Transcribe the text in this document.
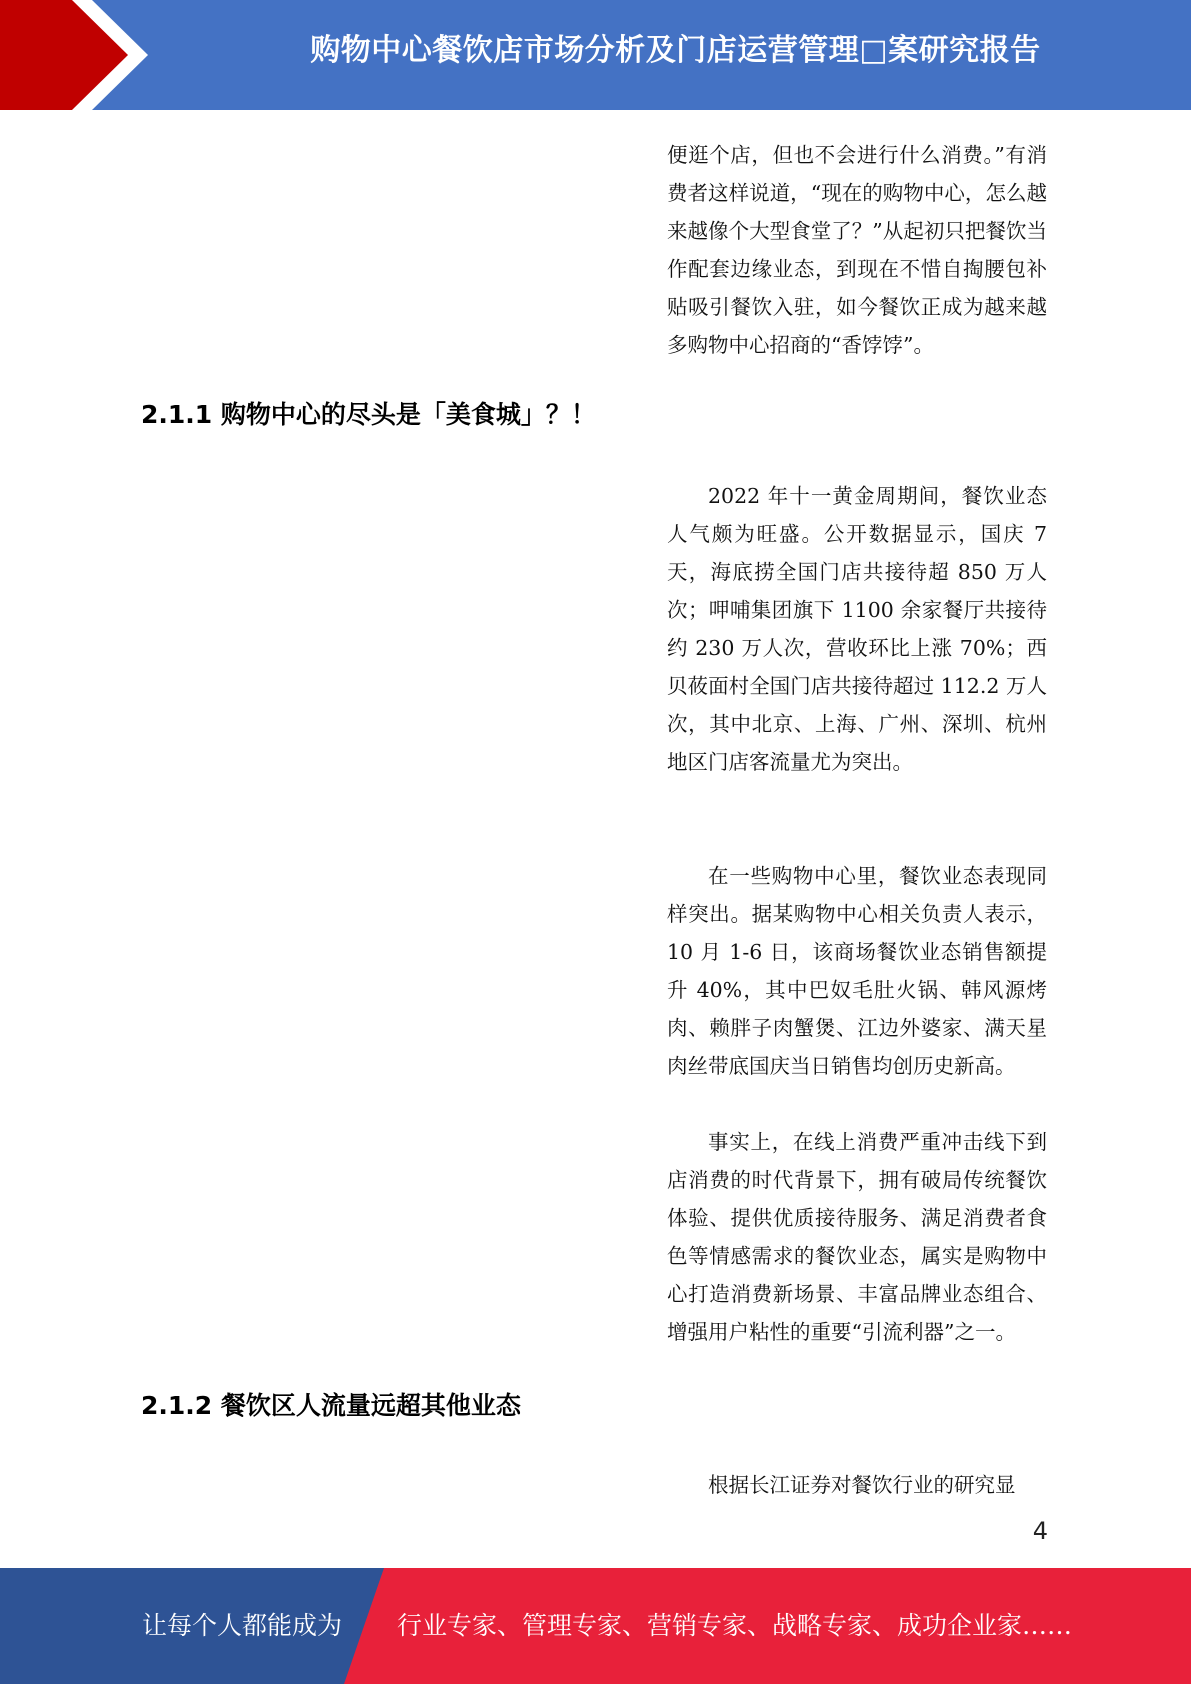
购物中心餐饮店市场分析及门店运营管理□案研究报告

便逛个店，但也不会进行什么消费。”有消费者这样说道，“现在的购物中心，怎么越来越像个大型食堂了？”从起初只把餐饮当作配套边缘业态，到现在不惜自掏腰包补贴吸引餐饮入驻，如今餐饮正成为越来越多购物中心招商的“香饽饽”。

2.1.1 购物中心的尽头是「美食城」？！

2022 年十一黄金周期间，餐饮业态人气颇为旺盛。公开数据显示，国庆 7 天，海底捞全国门店共接待超 850 万人次；呷哺集团旗下 1100 余家餐厅共接待约 230 万人次，营收环比上涨 70%；西贝莜面村全国门店共接待超过 112.2 万人次，其中北京、上海、广州、深圳、杭州地区门店客流量尤为突出。

在一些购物中心里，餐饮业态表现同样突出。据某购物中心相关负责人表示，10 月 1-6 日，该商场餐饮业态销售额提升 40%，其中巴奴毛肚火锅、韩风源烤肉、赖胖子肉蟹煲、江边外婆家、满天星肉丝带底国庆当日销售均创历史新高。

事实上，在线上消费严重冲击线下到店消费的时代背景下，拥有破局传统餐饮体验、提供优质接待服务、满足消费者食色等情感需求的餐饮业态，属实是购物中心打造消费新场景、丰富品牌业态组合、增强用户粘性的重要“引流利器”之一。

2.1.2 餐饮区人流量远超其他业态

根据长江证券对餐饮行业的研究显

4
让每个人都能成为 行业专家、管理专家、营销专家、战略专家、成功企业家……
